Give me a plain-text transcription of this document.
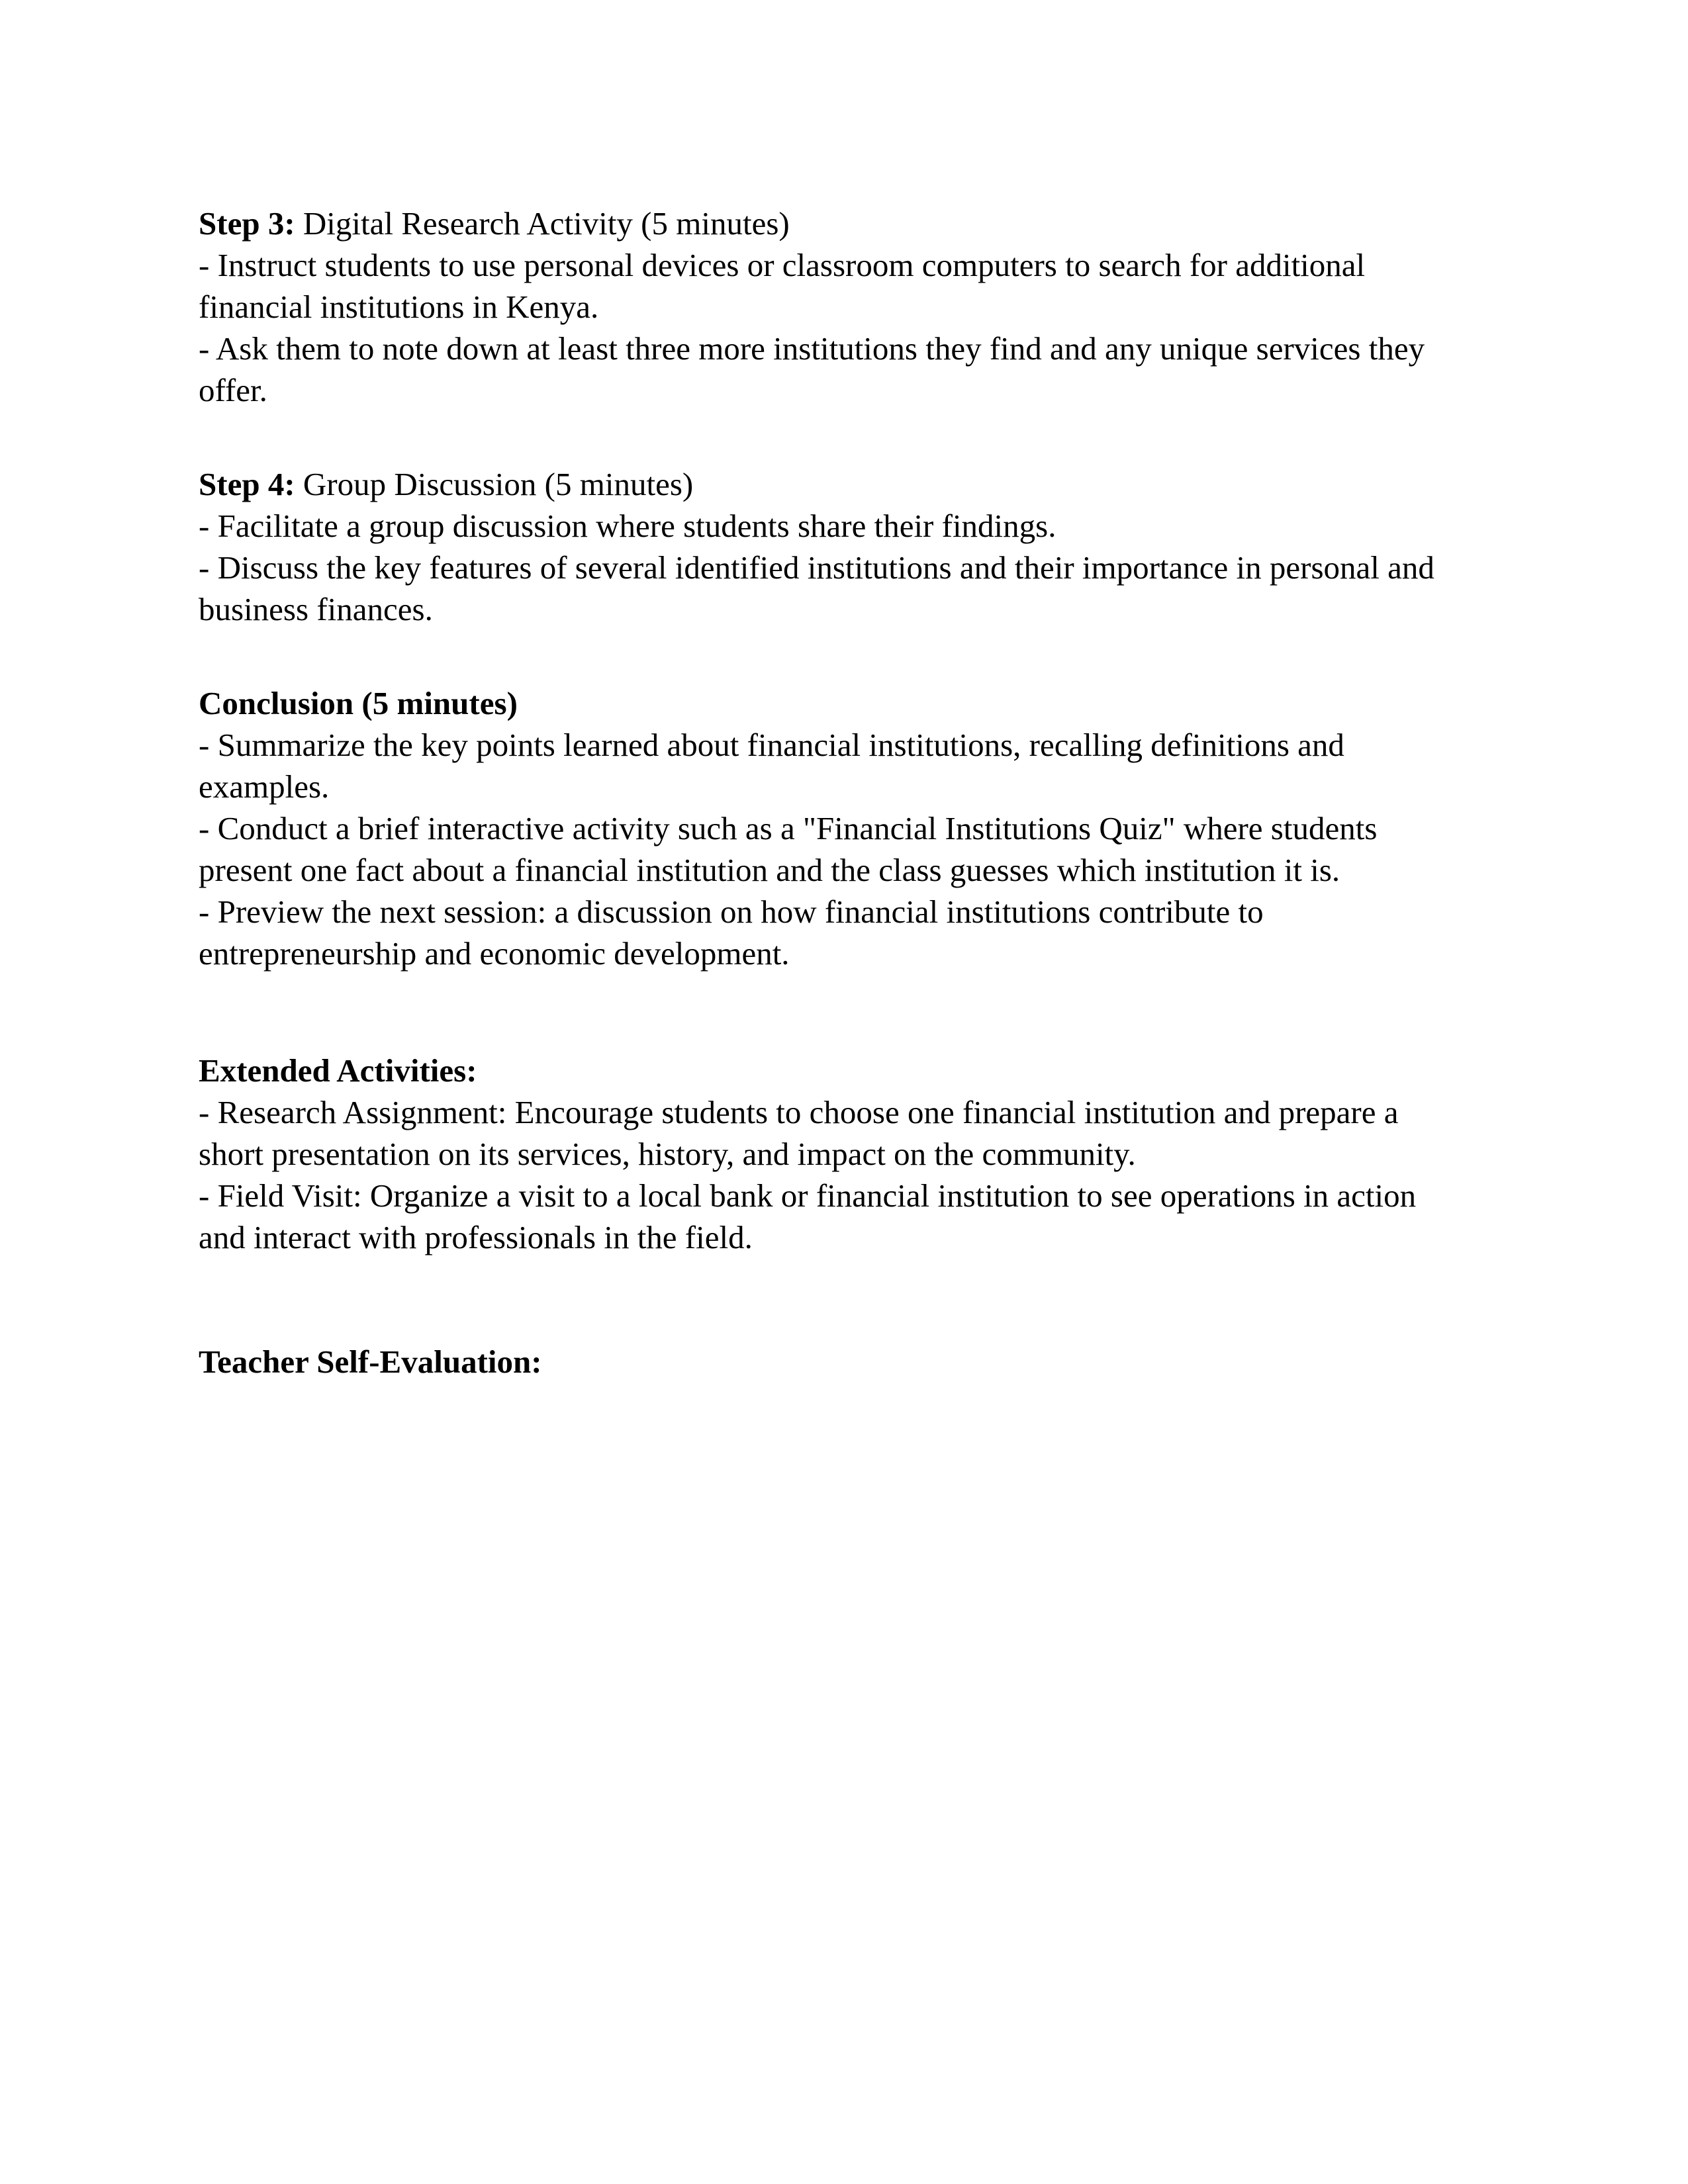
Step 3: Digital Research Activity (5 minutes)
- Instruct students to use personal devices or classroom computers to search for additional
financial institutions in Kenya.
- Ask them to note down at least three more institutions they find and any unique services they
offer.
Step 4: Group Discussion (5 minutes)
- Facilitate a group discussion where students share their findings.
- Discuss the key features of several identified institutions and their importance in personal and
business finances.
Conclusion (5 minutes)
- Summarize the key points learned about financial institutions, recalling definitions and
examples.
- Conduct a brief interactive activity such as a "Financial Institutions Quiz" where students
present one fact about a financial institution and the class guesses which institution it is.
- Preview the next session: a discussion on how financial institutions contribute to
entrepreneurship and economic development.
Extended Activities:
- Research Assignment: Encourage students to choose one financial institution and prepare a
short presentation on its services, history, and impact on the community.
- Field Visit: Organize a visit to a local bank or financial institution to see operations in action
and interact with professionals in the field.
Teacher Self-Evaluation:
